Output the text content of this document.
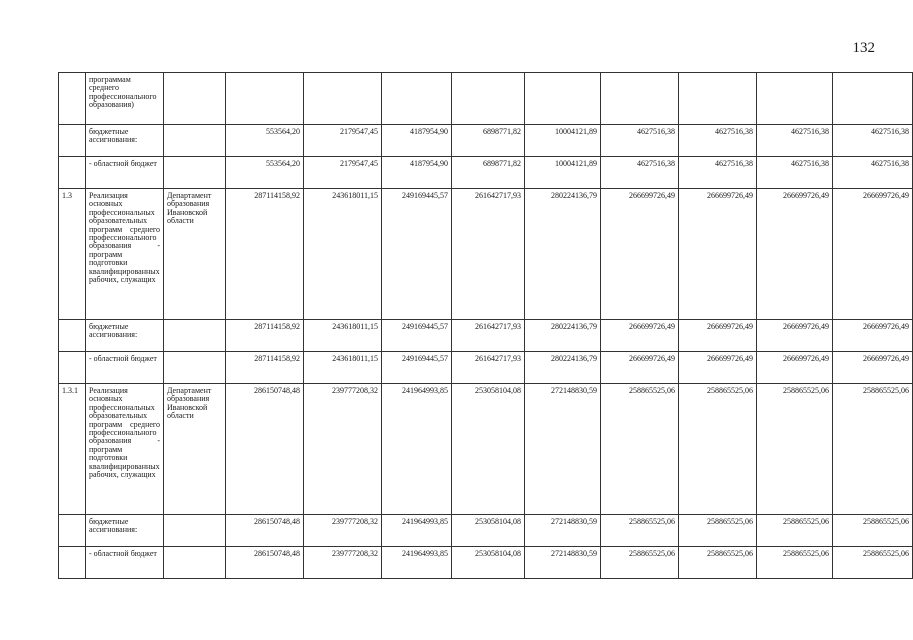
132
	программам среднего профессионального образования)										
	бюджетные ассигнования:		553564,20	2179547,45	4187954,90	6898771,82	10004121,89	4627516,38	4627516,38	4627516,38	4627516,38
	- областной бюджет		553564,20	2179547,45	4187954,90	6898771,82	10004121,89	4627516,38	4627516,38	4627516,38	4627516,38
1.3	Реализация основных профессиональных образовательных программ среднего профессионального образования - программ подготовки квалифицированных рабочих, служащих	Департамент образования Ивановской области	287114158,92	243618011,15	249169445,57	261642717,93	280224136,79	266699726,49	266699726,49	266699726,49	266699726,49
	бюджетные ассигнования:		287114158,92	243618011,15	249169445,57	261642717,93	280224136,79	266699726,49	266699726,49	266699726,49	266699726,49
	- областной бюджет		287114158,92	243618011,15	249169445,57	261642717,93	280224136,79	266699726,49	266699726,49	266699726,49	266699726,49
1.3.1	Реализация основных профессиональных образовательных программ среднего профессионального образования - программ подготовки квалифицированных рабочих, служащих	Департамент образования Ивановской области	286150748,48	239777208,32	241964993,85	253058104,08	272148830,59	258865525,06	258865525,06	258865525,06	258865525,06
	бюджетные ассигнования:		286150748,48	239777208,32	241964993,85	253058104,08	272148830,59	258865525,06	258865525,06	258865525,06	258865525,06
	- областной бюджет		286150748,48	239777208,32	241964993,85	253058104,08	272148830,59	258865525,06	258865525,06	258865525,06	258865525,06
